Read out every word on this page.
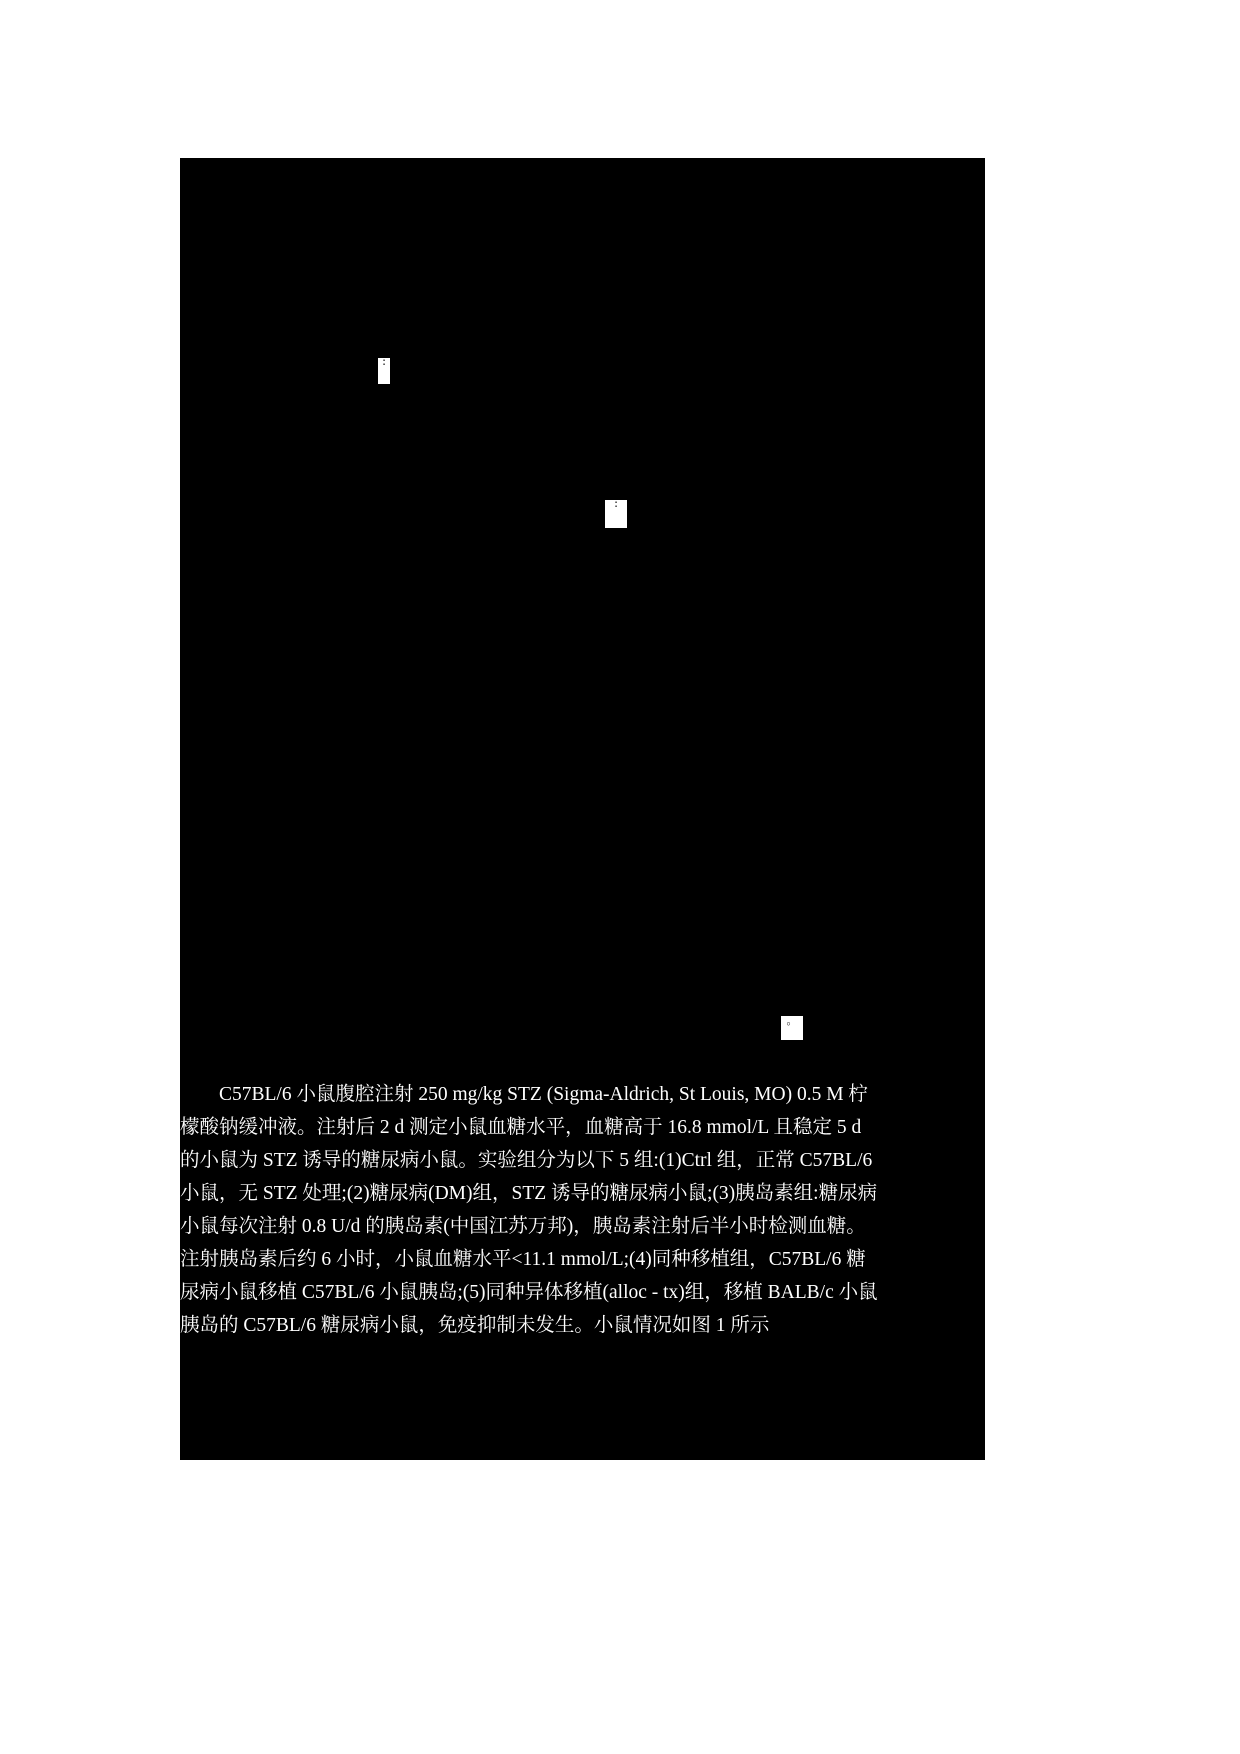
∶
∶
。

C57BL/6 小鼠腹腔注射 250 mg/kg STZ (Sigma-Aldrich, St Louis, MO) 0.5 M 柠
檬酸钠缓冲液。注射后 2 d 测定小鼠血糖水平，血糖高于 16.8 mmol/L 且稳定 5 d
的小鼠为 STZ 诱导的糖尿病小鼠。实验组分为以下 5 组:(1)Ctrl 组，正常 C57BL/6
小鼠，无 STZ 处理;(2)糖尿病(DM)组，STZ 诱导的糖尿病小鼠;(3)胰岛素组:糖尿病
小鼠每次注射 0.8 U/d 的胰岛素(中国江苏万邦)，胰岛素注射后半小时检测血糖。
注射胰岛素后约 6 小时，小鼠血糖水平<11.1 mmol/L;(4)同种移植组，C57BL/6 糖
尿病小鼠移植 C57BL/6 小鼠胰岛;(5)同种异体移植(alloc - tx)组，移植 BALB/c 小鼠
胰岛的 C57BL/6 糖尿病小鼠，免疫抑制未发生。小鼠情况如图 1 所示
